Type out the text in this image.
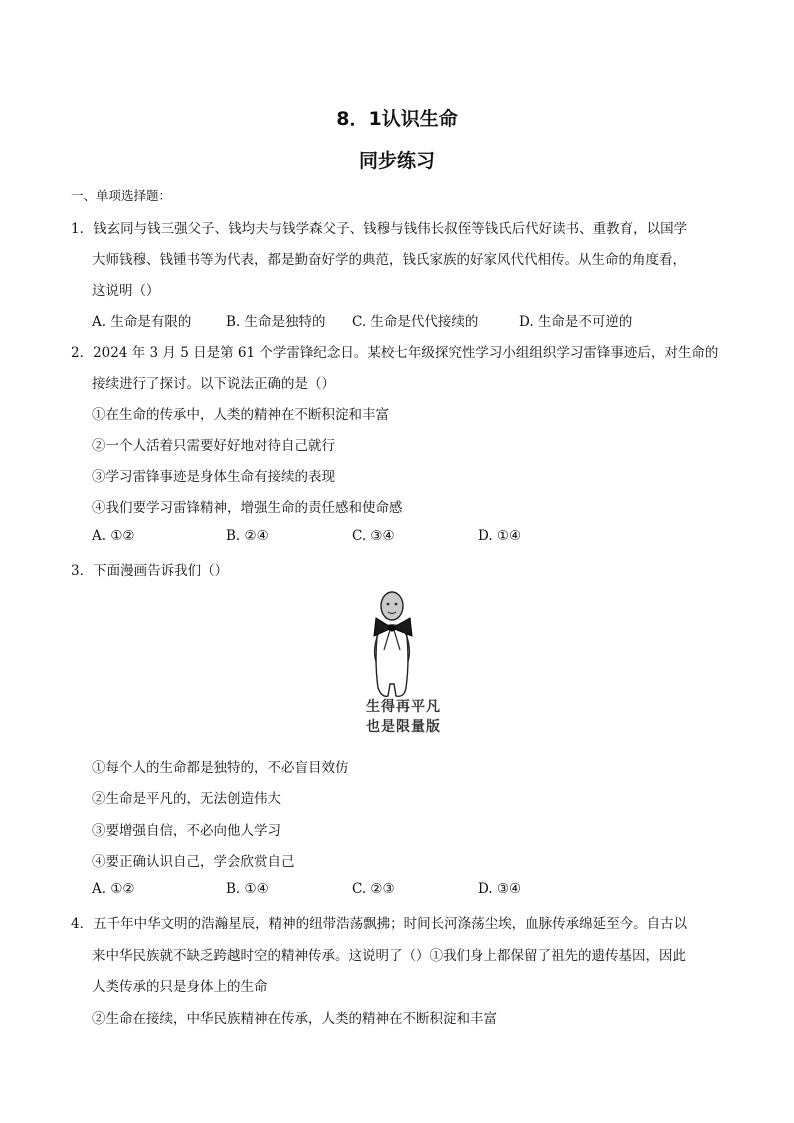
8．1认识生命
同步练习
一、单项选择题：
1．钱玄同与钱三强父子、钱均夫与钱学森父子、钱穆与钱伟长叔侄等钱氏后代好读书、重教育，以国学
大师钱穆、钱锺书等为代表，都是勤奋好学的典范，钱氏家族的好家风代代相传。从生命的角度看，
这说明（）
A. 生命是有限的	B. 生命是独特的 C. 生命是代代接续的	D. 生命是不可逆的
2．2024 年 3 月 5 日是第 61 个学雷锋纪念日。某校七年级探究性学习小组组织学习雷锋事迹后，对生命的
接续进行了探讨。以下说法正确的是（）
①在生命的传承中，人类的精神在不断积淀和丰富
②一个人活着只需要好好地对待自己就行
③学习雷锋事迹是身体生命有接续的表现
④我们要学习雷锋精神，增强生命的责任感和使命感
A. ①②	B. ②④	C. ③④	D. ①④
3．下面漫画告诉我们（）
生得再平凡
也是限量版
①每个人的生命都是独特的，不必盲目效仿
②生命是平凡的，无法创造伟大
③要增强自信，不必向他人学习
④要正确认识自己，学会欣赏自己
A. ①②	B. ①④	C. ②③	D. ③④
4．五千年中华文明的浩瀚星辰，精神的纽带浩荡飘拂；时间长河涤荡尘埃，血脉传承绵延至今。自古以
来中华民族就不缺乏跨越时空的精神传承。这说明了（）①我们身上都保留了祖先的遗传基因，因此
人类传承的只是身体上的生命
②生命在接续，中华民族精神在传承，人类的精神在不断积淀和丰富
